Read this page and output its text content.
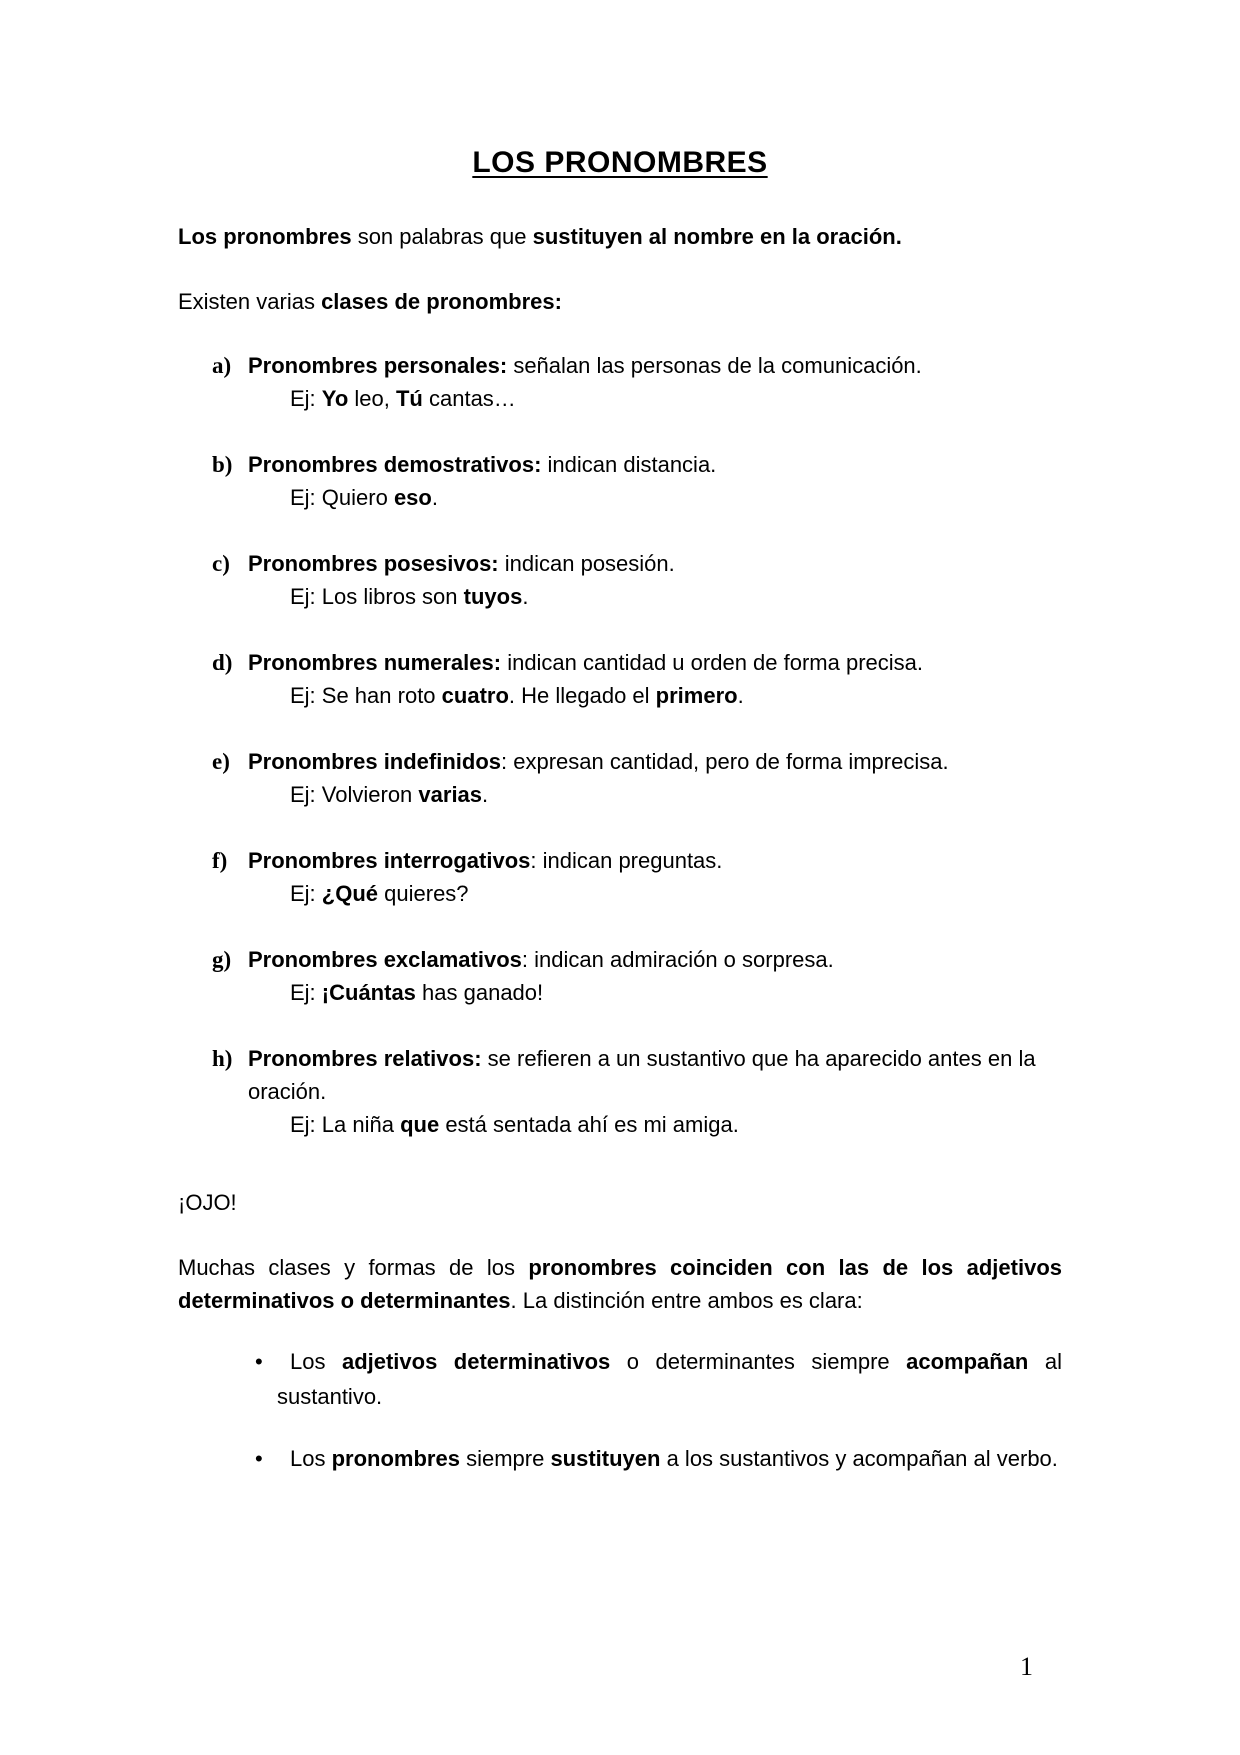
LOS PRONOMBRES

Los pronombres son palabras que sustituyen al nombre en la oración.

Existen varias clases de pronombres:

a) Pronombres personales: señalan las personas de la comunicación.
Ej: Yo leo, Tú cantas…
b) Pronombres demostrativos: indican distancia.
Ej: Quiero eso.
c) Pronombres posesivos: indican posesión.
Ej: Los libros son tuyos.
d) Pronombres numerales: indican cantidad u orden de forma precisa.
Ej: Se han roto cuatro. He llegado el primero.
e) Pronombres indefinidos: expresan cantidad, pero de forma imprecisa.
Ej: Volvieron varias.
f) Pronombres interrogativos: indican preguntas.
Ej: ¿Qué quieres?
g) Pronombres exclamativos: indican admiración o sorpresa.
Ej: ¡Cuántas has ganado!
h) Pronombres relativos: se refieren a un sustantivo que ha aparecido antes en la oración.
Ej: La niña que está sentada ahí es mi amiga.

¡OJO!

Muchas clases y formas de los pronombres coinciden con las de los adjetivos determinativos o determinantes. La distinción entre ambos es clara:

•	Los adjetivos determinativos o determinantes siempre acompañan al sustantivo.
•	Los pronombres siempre sustituyen a los sustantivos y acompañan al verbo.
1
